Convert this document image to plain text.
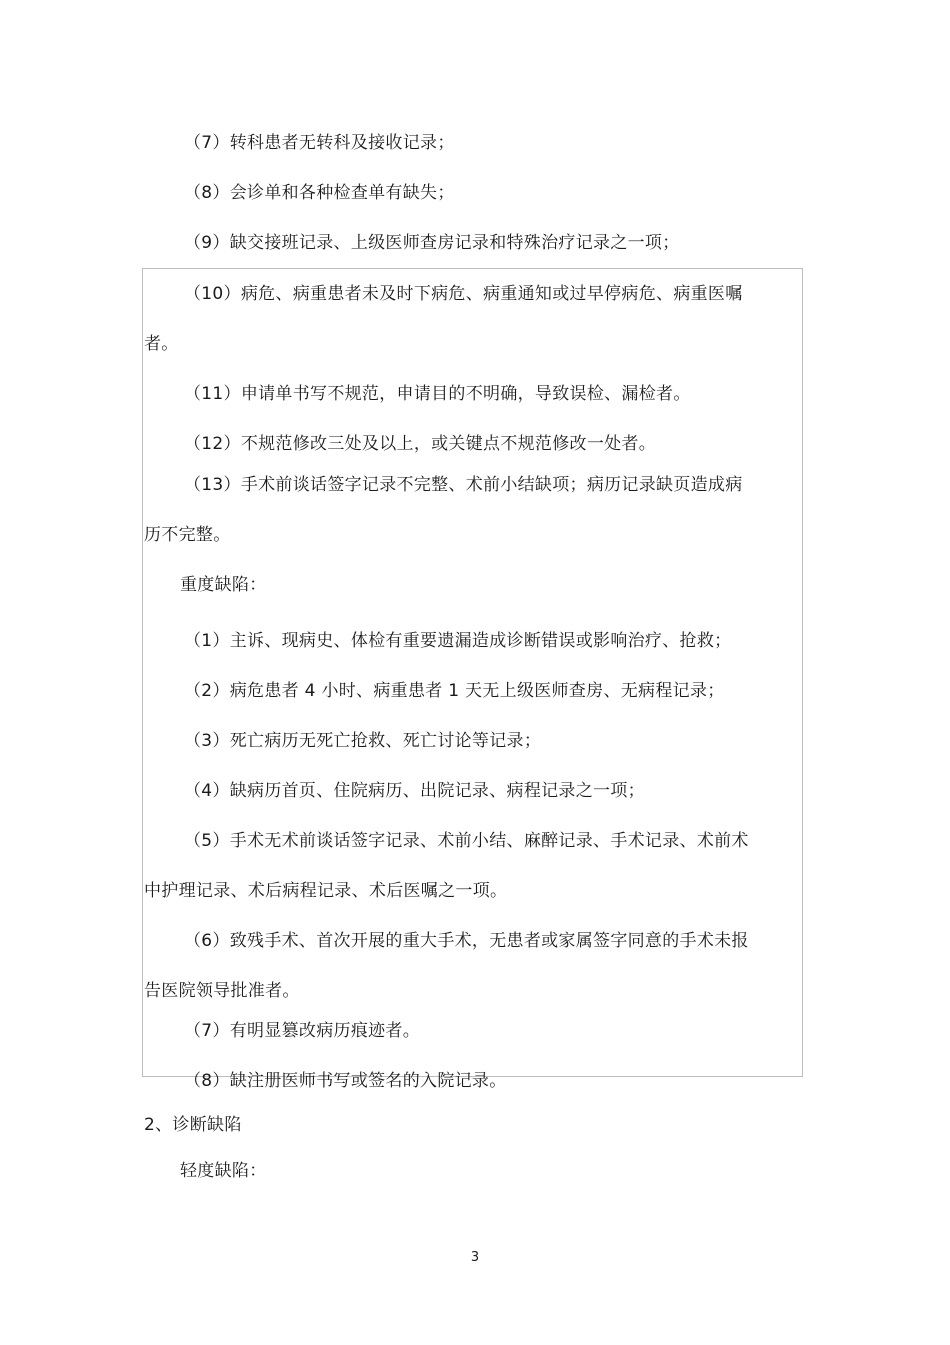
（7）转科患者无转科及接收记录；

（8）会诊单和各种检查单有缺失；

（9）缺交接班记录、上级医师查房记录和特殊治疗记录之一项；

（10）病危、病重患者未及时下病危、病重通知或过早停病危、病重医嘱

者。

（11）申请单书写不规范，申请目的不明确，导致误检、漏检者。

（12）不规范修改三处及以上，或关键点不规范修改一处者。

（13）手术前谈话签字记录不完整、术前小结缺项；病历记录缺页造成病

历不完整。

重度缺陷：

（1）主诉、现病史、体检有重要遗漏造成诊断错误或影响治疗、抢救；

（2）病危患者 4 小时、病重患者 1 天无上级医师查房、无病程记录；

（3）死亡病历无死亡抢救、死亡讨论等记录；

（4）缺病历首页、住院病历、出院记录、病程记录之一项；

（5）手术无术前谈话签字记录、术前小结、麻醉记录、手术记录、术前术

中护理记录、术后病程记录、术后医嘱之一项。

（6）致残手术、首次开展的重大手术，无患者或家属签字同意的手术未报

告医院领导批准者。

（7）有明显篡改病历痕迹者。

（8）缺注册医师书写或签名的入院记录。

2、诊断缺陷

轻度缺陷：

3
